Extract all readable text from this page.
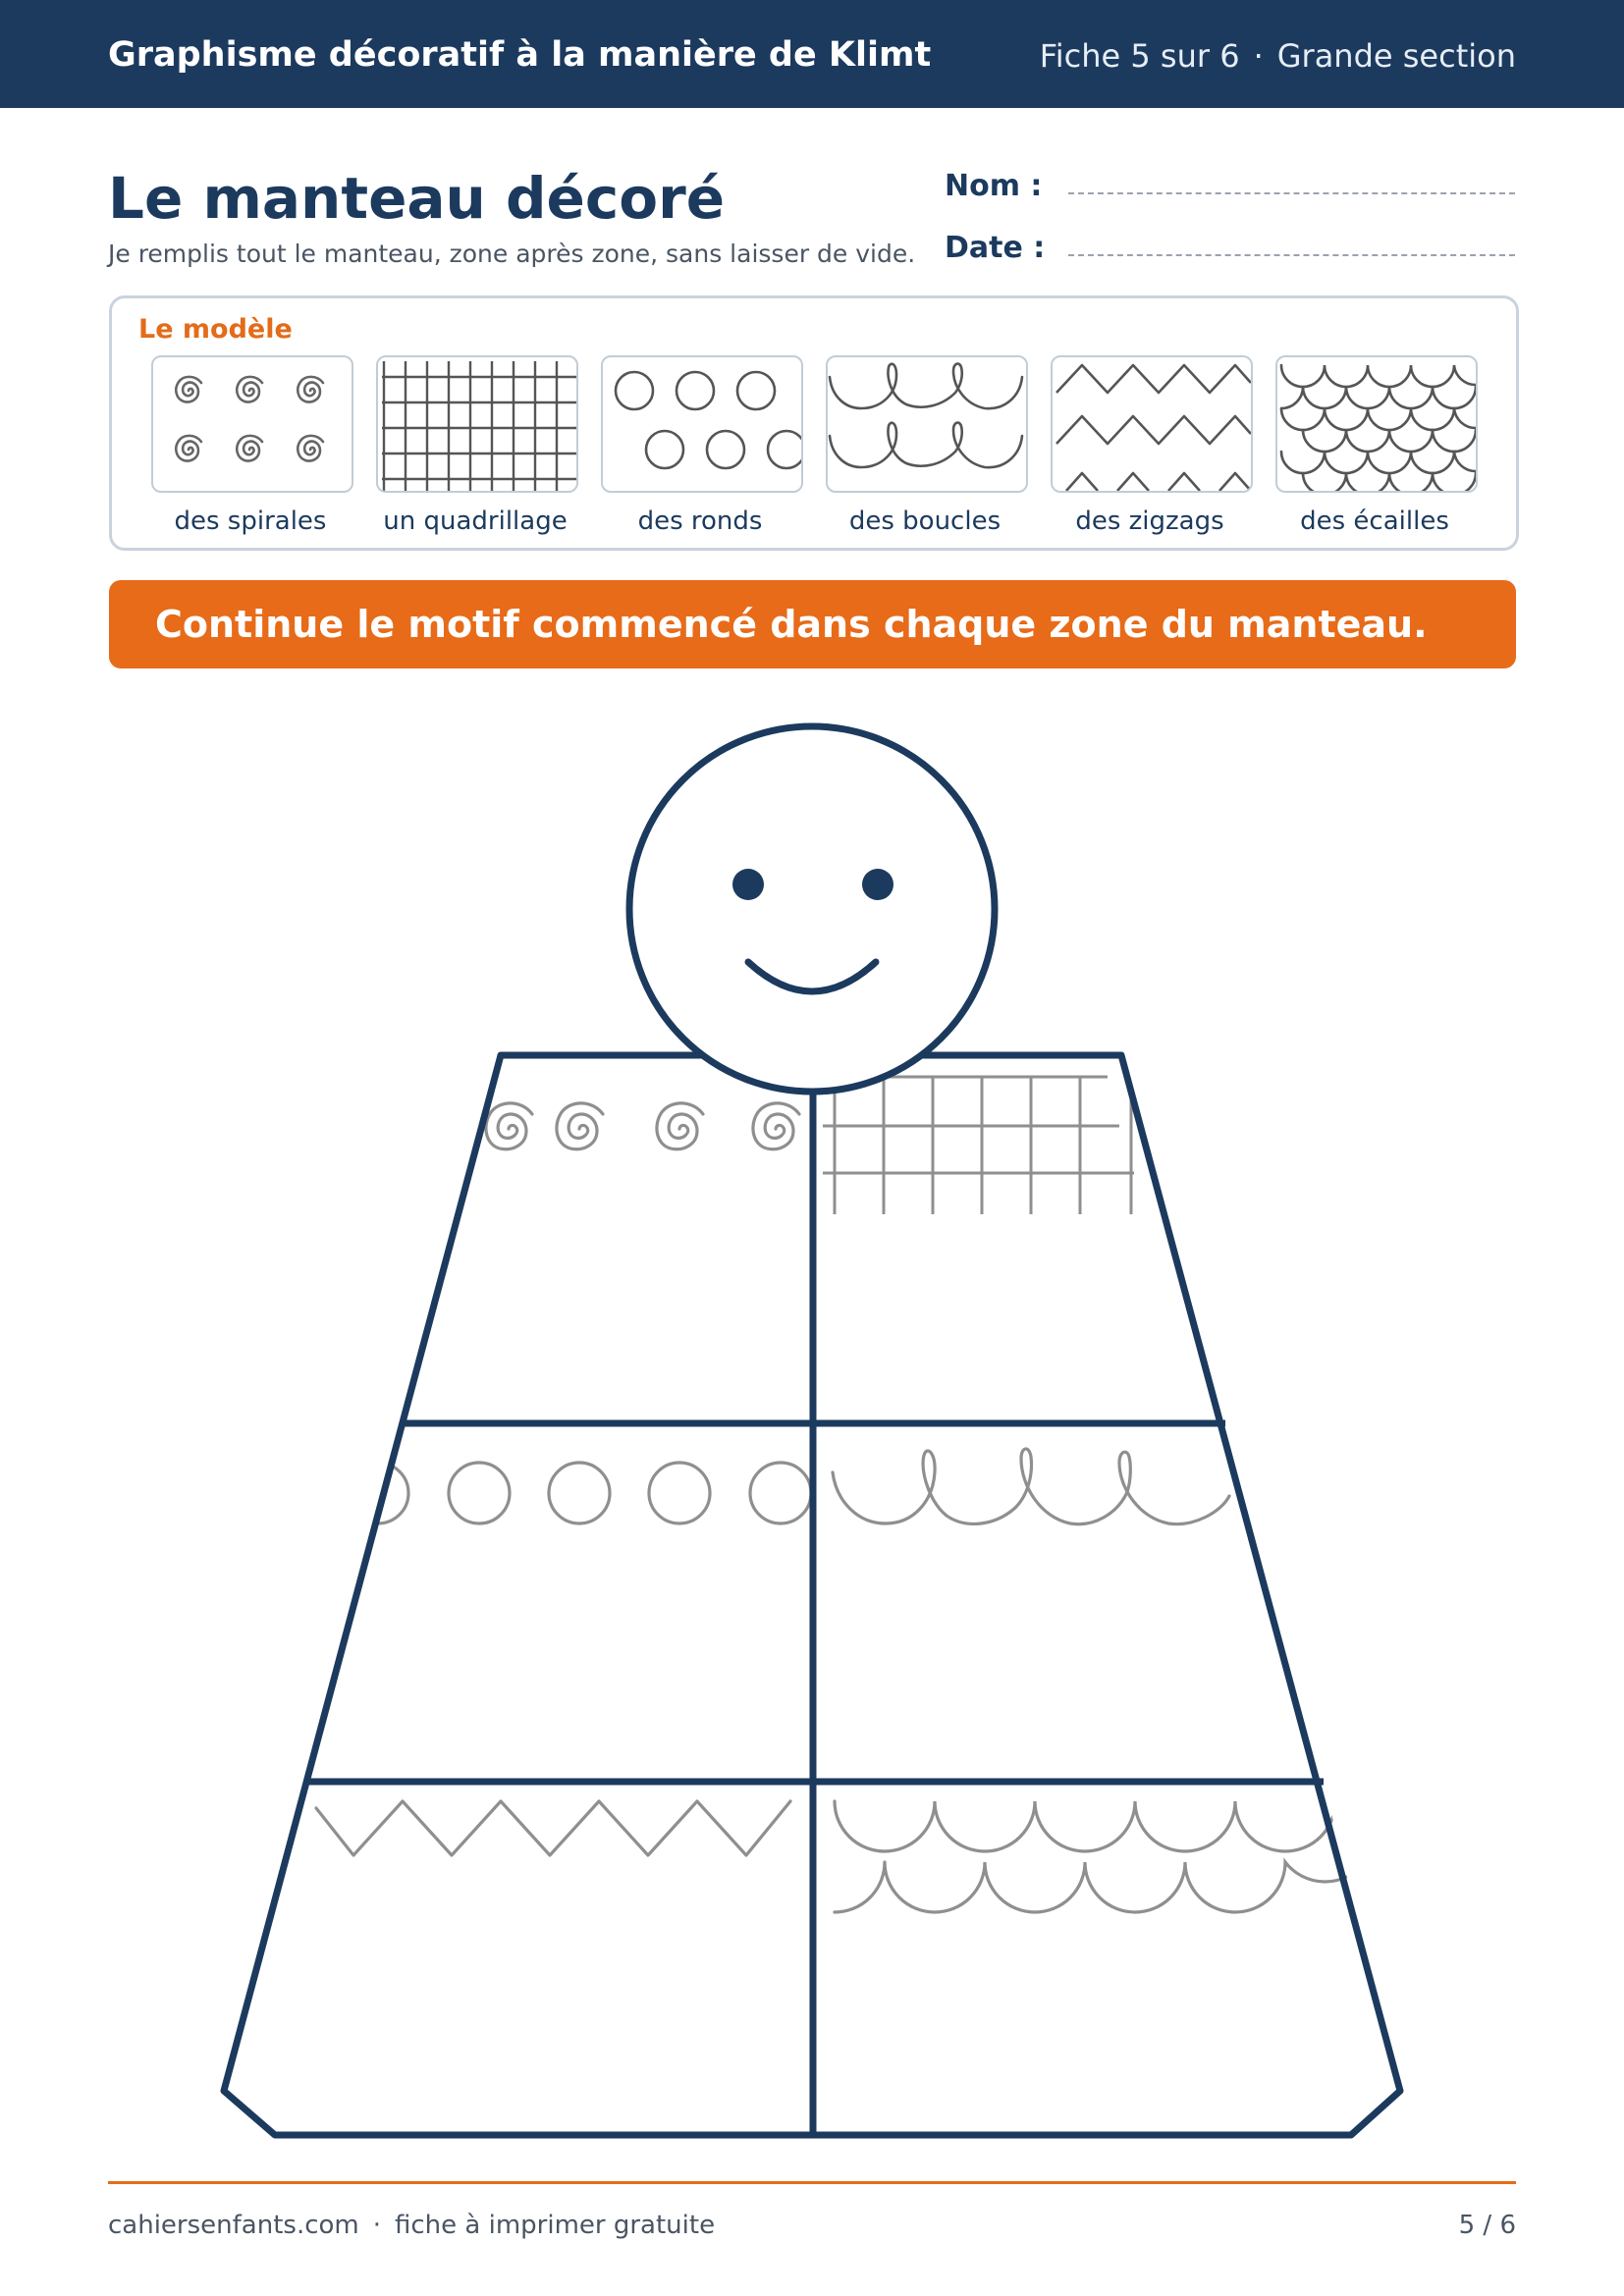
Graphisme décoratif à la manière de Klimt	Fiche 5 sur 6 · Grande section
Le manteau décoré
Je remplis tout le manteau, zone après zone, sans laisser de vide.
Nom :
Date :
Le modèle
des spirales	un quadrillage	des ronds	des boucles	des zigzags	des écailles
Continue le motif commencé dans chaque zone du manteau.
cahiersenfants.com · fiche à imprimer gratuite	5 / 6
